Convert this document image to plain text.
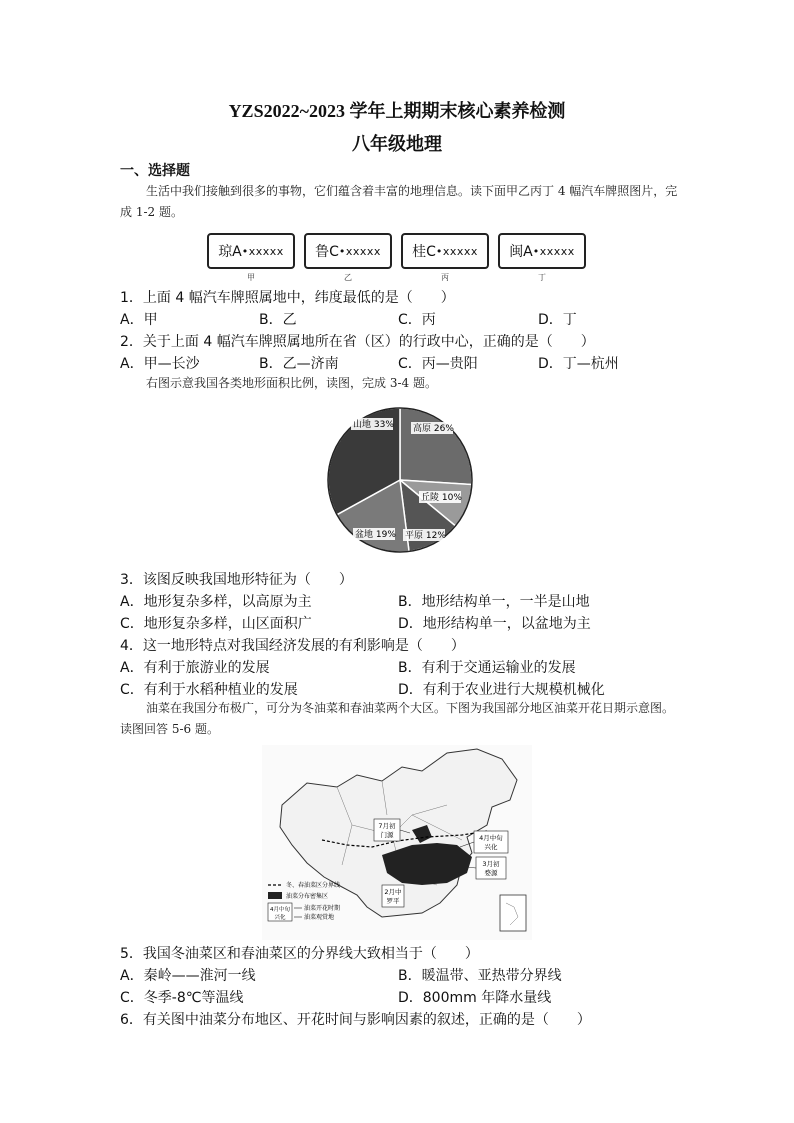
YZS2022~2023 学年上期期末核心素养检测
八年级地理
一、选择题
生活中我们接触到很多的事物，它们蕴含着丰富的地理信息。读下面甲乙丙丁 4 幅汽车牌照图片，完成 1-2 题。
琼A •xxxxx
甲
鲁C •xxxxx
乙
桂C •xxxxx
丙
闽A •xxxxx
丁
1．上面 4 幅汽车牌照属地中，纬度最低的是（　　）
A．甲	B．乙	C．丙	D．丁
2．关于上面 4 幅汽车牌照属地所在省（区）的行政中心，正确的是（　　）
A．甲—长沙	B．乙—济南	C．丙—贵阳	D．丁—杭州
右图示意我国各类地形面积比例，读图，完成 3-4 题。
山地 33% 高原 26%
丘陵 10%
平原 12%
盆地 19%
3．该图反映我国地形特征为（　　）
A．地形复杂多样，以高原为主	B．地形结构单一，一半是山地
C．地形复杂多样，山区面积广	D．地形结构单一，以盆地为主
4．这一地形特点对我国经济发展的有利影响是（　　）
A．有利于旅游业的发展	B．有利于交通运输业的发展
C．有利于水稻种植业的发展	D．有利于农业进行大规模机械化
油菜在我国分布极广，可分为冬油菜和春油菜两个大区。下图为我国部分地区油菜开花日期示意图。读图回答 5-6 题。
7月初
门源	4月中旬
兴化
3月初
婺源
2月中
罗平
冬、春油菜区分界线
油菜分布密集区
4月中旬
兴化
油菜开花时期
油菜观赏地
5．我国冬油菜区和春油菜区的分界线大致相当于（　　）
A．秦岭——淮河一线	B．暖温带、亚热带分界线
C．冬季-8℃等温线	D．800mm 年降水量线
6．有关图中油菜分布地区、开花时间与影响因素的叙述，正确的是（　　）
